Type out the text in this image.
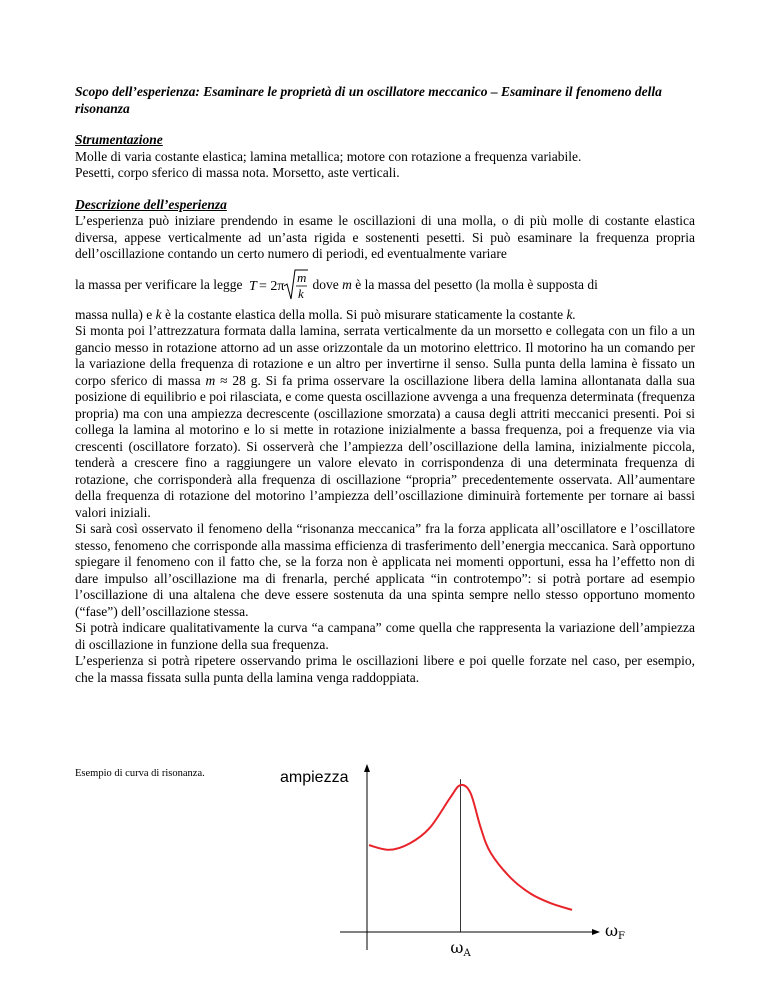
Scopo dell’esperienza: Esaminare le proprietà di un oscillatore meccanico – Esaminare il fenomeno della risonanza

Strumentazione

Molle di varia costante elastica; lamina metallica; motore con rotazione a frequenza variabile.

Pesetti, corpo sferico di massa nota. Morsetto, aste verticali.

Descrizione dell’esperienza

L’esperienza può iniziare prendendo in esame le oscillazioni di una molla, o di più molle di costante elastica diversa, appese verticalmente ad un’asta rigida e sostenenti pesetti. Si può esaminare la frequenza propria dell’oscillazione contando un certo numero di periodi, ed eventualmente variare

la massa per verificare la legge T = 2π
m
k
dove
m
è la massa del pesetto (la molla è supposta di

massa nulla) e k è la costante elastica della molla. Si può misurare staticamente la costante k.

Si monta poi l’attrezzatura formata dalla lamina, serrata verticalmente da un morsetto e collegata con un filo a un gancio messo in rotazione attorno ad un asse orizzontale da un motorino elettrico. Il motorino ha un comando per la variazione della frequenza di rotazione e un altro per invertirne il senso. Sulla punta della lamina è fissato un corpo sferico di massa m ≈ 28 g. Si fa prima osservare la oscillazione libera della lamina allontanata dalla sua posizione di equilibrio e poi rilasciata, e come questa oscillazione avvenga a una frequenza determinata (frequenza propria) ma con una ampiezza decrescente (oscillazione smorzata) a causa degli attriti meccanici presenti. Poi si collega la lamina al motorino e lo si mette in rotazione inizialmente a bassa frequenza, poi a frequenze via via crescenti (oscillatore forzato). Si osserverà che l’ampiezza dell’oscillazione della lamina, inizialmente piccola, tenderà a crescere fino a raggiungere un valore elevato in corrispondenza di una determinata frequenza di rotazione, che corrisponderà alla frequenza di oscillazione “propria” precedentemente osservata. All’aumentare della frequenza di rotazione del motorino l’ampiezza dell’oscillazione diminuirà fortemente per tornare ai bassi valori iniziali.

Si sarà così osservato il fenomeno della “risonanza meccanica” fra la forza applicata all’oscillatore e l’oscillatore stesso, fenomeno che corrisponde alla massima efficienza di trasferimento dell’energia meccanica. Sarà opportuno spiegare il fenomeno con il fatto che, se la forza non è applicata nei momenti opportuni, essa ha l’effetto non di dare impulso all’oscillazione ma di frenarla, perché applicata “in controtempo”: si potrà portare ad esempio l’oscillazione di una altalena che deve essere sostenuta da una spinta sempre nello stesso opportuno momento (“fase”) dell’oscillazione stessa.

Si potrà indicare qualitativamente la curva “a campana” come quella che rappresenta la variazione dell’ampiezza di oscillazione in funzione della sua frequenza.

L’esperienza si potrà ripetere osservando prima le oscillazioni libere e poi quelle forzate nel caso, per esempio, che la massa fissata sulla punta della lamina venga raddoppiata.

Esempio di curva di risonanza.	ampiezza
ωF
ωA
